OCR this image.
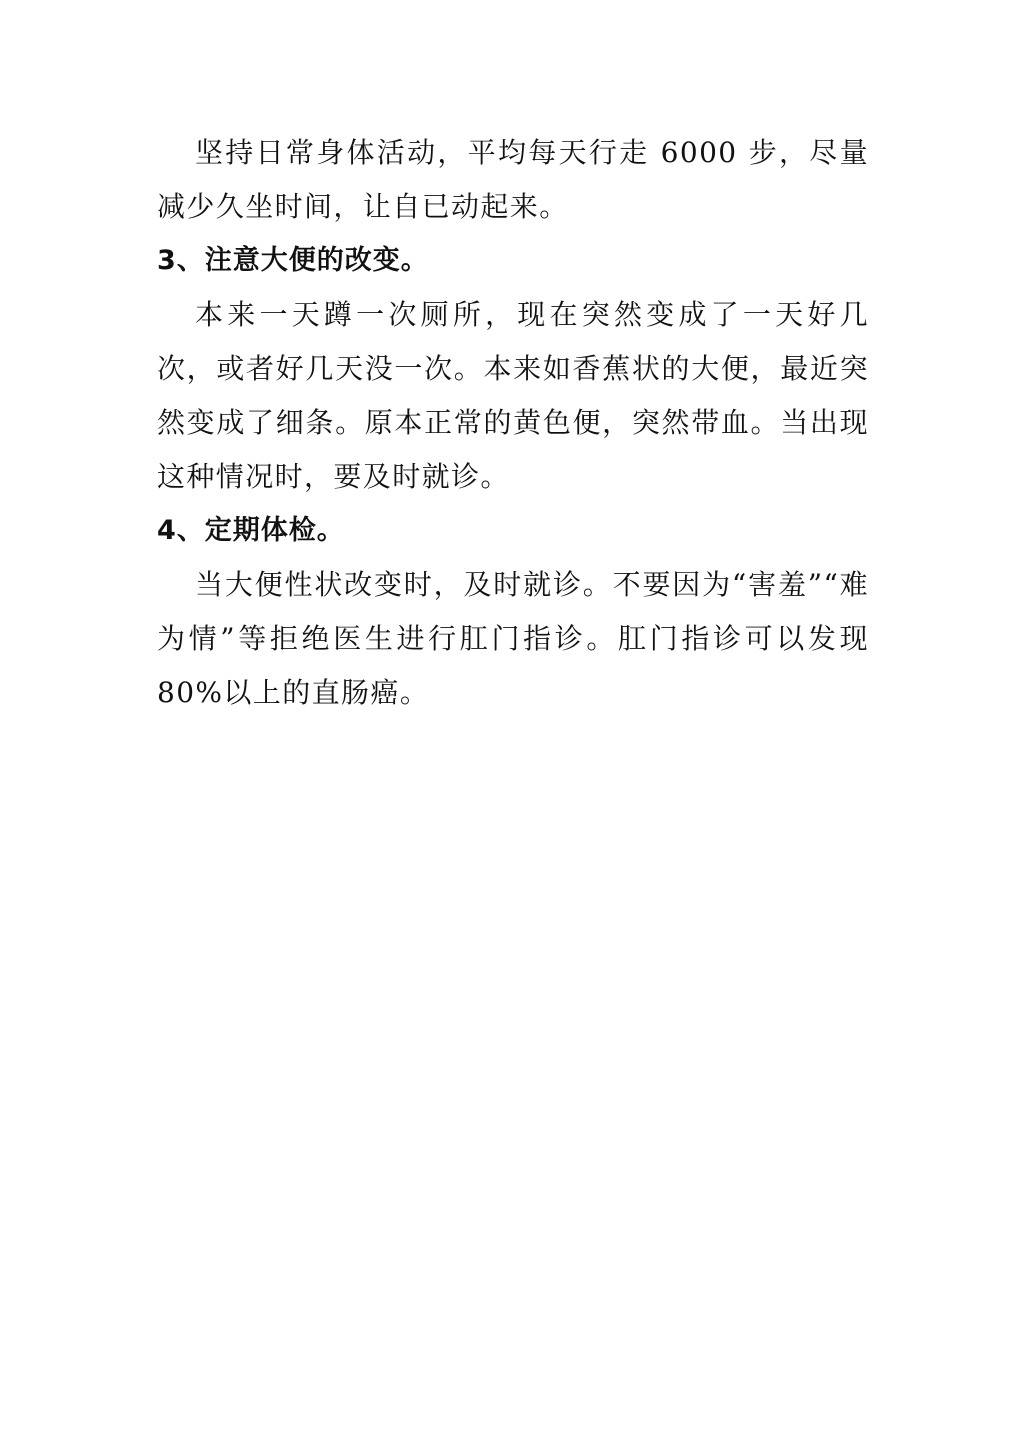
坚持日常身体活动，平均每天行走 6000 步，尽量减少久坐时间，让自已动起来。

3、注意大便的改变。

本来一天蹲一次厕所，现在突然变成了一天好几次，或者好几天没一次。本来如香蕉状的大便，最近突然变成了细条。原本正常的黄色便，突然带血。当出现这种情况时，要及时就诊。

4、定期体检。

当大便性状改变时，及时就诊。不要因为“害羞”“难为情”等拒绝医生进行肛门指诊。肛门指诊可以发现 80%以上的直肠癌。
